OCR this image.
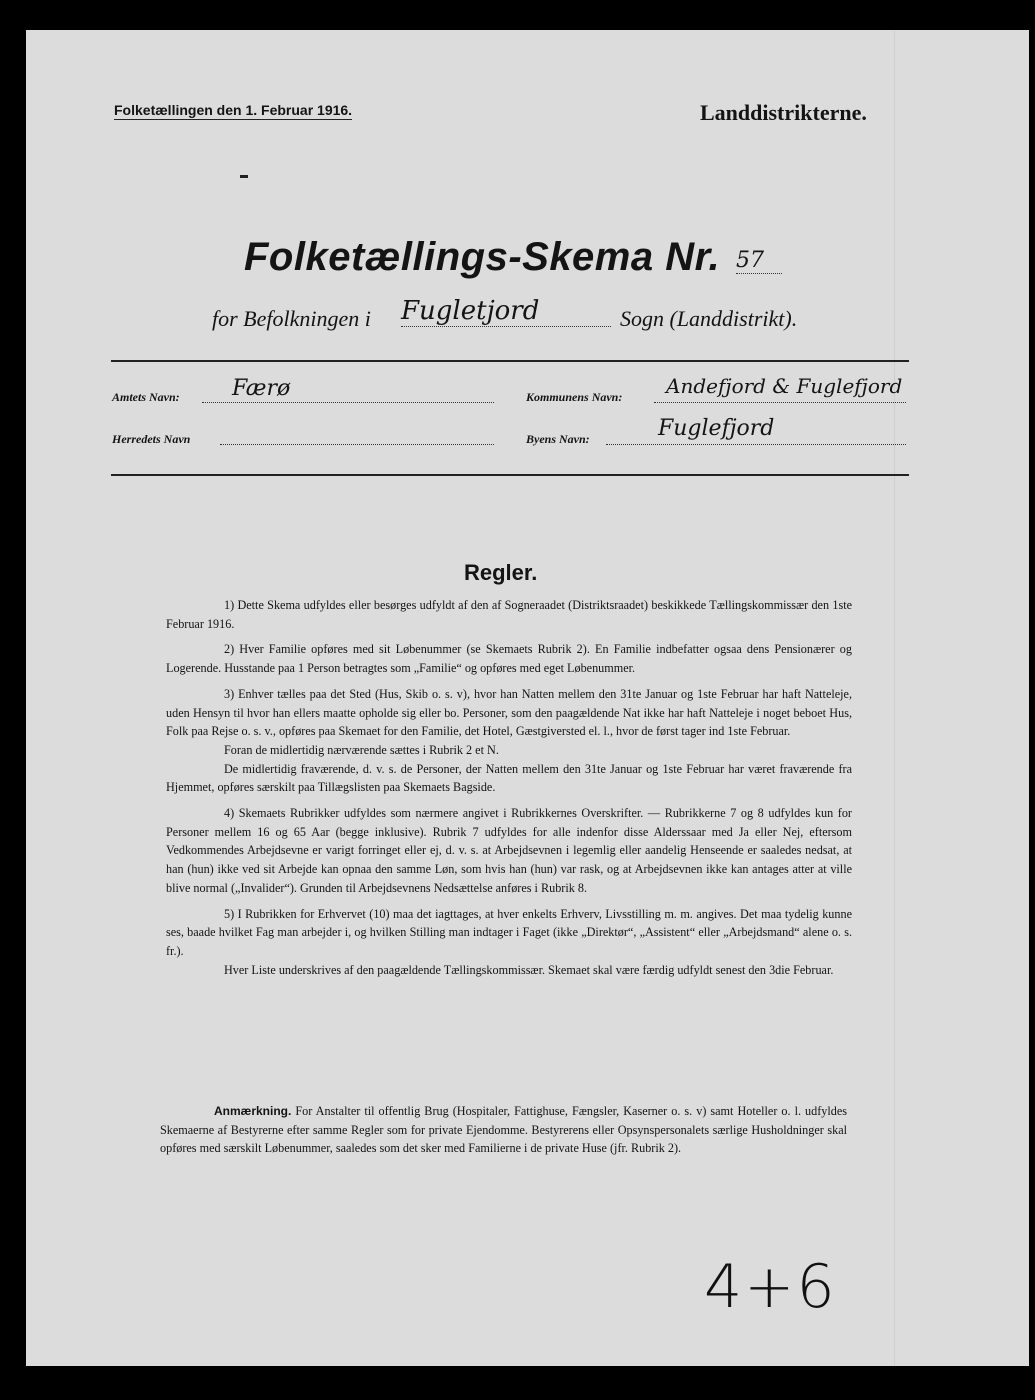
Folketællingen den 1. Februar 1916.	Landdistrikterne.
Folketællings-Skema Nr. 57
for Befolkningen i Fugletjord	Sogn (Landdistrikt).
Amtets Navn: Færø	Kommunens Navn: Andefjord & Fuglefjord
Herredets Navn	Byens Navn:	Fuglefjord
Regler.

1) Dette Skema udfyldes eller besørges udfyldt af den af Sogneraadet (Distriktsraadet) beskikkede Tællingskommissær den 1ste Februar 1916.

2) Hver Familie opføres med sit Løbenummer (se Skemaets Rubrik 2). En Familie indbefatter ogsaa dens Pensionærer og Logerende. Husstande paa 1 Person betragtes som „Familie“ og opføres med eget Løbenummer.

3) Enhver tælles paa det Sted (Hus, Skib o. s. v), hvor han Natten mellem den 31te Januar og 1ste Februar har haft Natteleje, uden Hensyn til hvor han ellers maatte opholde sig eller bo. Personer, som den paagældende Nat ikke har haft Natteleje i noget beboet Hus, Folk paa Rejse o. s. v., opføres paa Skemaet for den Familie, det Hotel, Gæstgiversted el. l., hvor de først tager ind 1ste Februar.

Foran de midlertidig nærværende sættes i Rubrik 2 et N.

De midlertidig fraværende, d. v. s. de Personer, der Natten mellem den 31te Januar og 1ste Februar har været fraværende fra Hjemmet, opføres særskilt paa Tillægslisten paa Skemaets Bagside.

4) Skemaets Rubrikker udfyldes som nærmere angivet i Rubrikkernes Overskrifter. — Rubrikkerne 7 og 8 udfyldes kun for Personer mellem 16 og 65 Aar (begge inklusive). Rubrik 7 udfyldes for alle indenfor disse Alderssaar med Ja eller Nej, eftersom Vedkommendes Arbejdsevne er varigt forringet eller ej, d. v. s. at Arbejdsevnen i legemlig eller aandelig Henseende er saaledes nedsat, at han (hun) ikke ved sit Arbejde kan opnaa den samme Løn, som hvis han (hun) var rask, og at Arbejdsevnen ikke kan antages atter at ville blive normal („Invalider“). Grunden til Arbejdsevnens Nedsættelse anføres i Rubrik 8.

5) I Rubrikken for Erhvervet (10) maa det iagttages, at hver enkelts Erhverv, Livsstilling m. m. angives. Det maa tydelig kunne ses, baade hvilket Fag man arbejder i, og hvilken Stilling man indtager i Faget (ikke „Direktør“, „Assistent“ eller „Arbejdsmand“ alene o. s. fr.).

Hver Liste underskrives af den paagældende Tællingskommissær. Skemaet skal være færdig udfyldt senest den 3die Februar.

Anmærkning. For Anstalter til offentlig Brug (Hospitaler, Fattighuse, Fængsler, Kaserner o. s. v) samt Hoteller o. l. udfyldes Skemaerne af Bestyrerne efter samme Regler som for private Ejendomme. Bestyrerens eller Opsynspersonalets særlige Husholdninger skal opføres med særskilt Løbenummer, saaledes som det sker med Familierne i de private Huse (jfr. Rubrik 2).

4+6
